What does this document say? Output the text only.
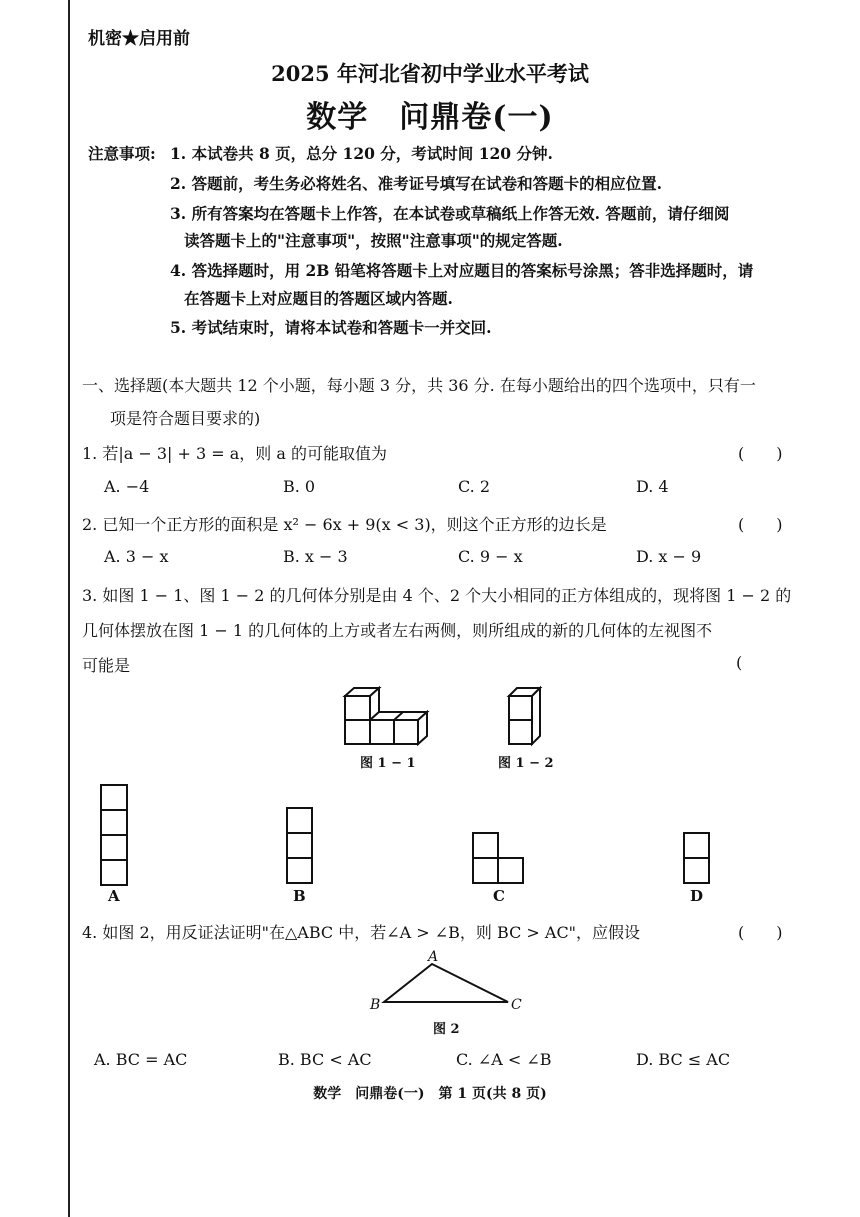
机密★启用前
2025 年河北省初中学业水平考试
数学　问鼎卷(一)
注意事项: 1. 本试卷共 8 页，总分 120 分，考试时间 120 分钟.
2. 答题前，考生务必将姓名、准考证号填写在试卷和答题卡的相应位置.
3. 所有答案均在答题卡上作答，在本试卷或草稿纸上作答无效. 答题前，请仔细阅
读答题卡上的"注意事项"，按照"注意事项"的规定答题.
4. 答选择题时，用 2B 铅笔将答题卡上对应题目的答案标号涂黑；答非选择题时，请
在答题卡上对应题目的答题区域内答题.
5. 考试结束时，请将本试卷和答题卡一并交回.
一、选择题(本大题共 12 个小题，每小题 3 分，共 36 分. 在每小题给出的四个选项中，只有一
项是符合题目要求的)
1. 若|a − 3| + 3 = a，则 a 的可能取值为	(　　)
A. −4	B. 0	C. 2	D. 4
2. 已知一个正方形的面积是 x² − 6x + 9(x < 3)，则这个正方形的边长是	(　　)
A. 3 − x	B. x − 3	C. 9 − x	D. x − 9
3. 如图 1 − 1、图 1 − 2 的几何体分别是由 4 个、2 个大小相同的正方体组成的，现将图 1 − 2 的
几何体摆放在图 1 − 1 的几何体的上方或者左右两侧，则所组成的新的几何体的左视图不
可能是	(
图 1 − 1	图 1 − 2
A	B	C	D
4. 如图 2，用反证法证明"在△ABC 中，若∠A > ∠B，则 BC > AC"，应假设	(　　)
A
B	C
图 2
A. BC = AC	B. BC < AC	C. ∠A < ∠B	D. BC ≤ AC
数学　问鼎卷(一)　第 1 页(共 8 页)
